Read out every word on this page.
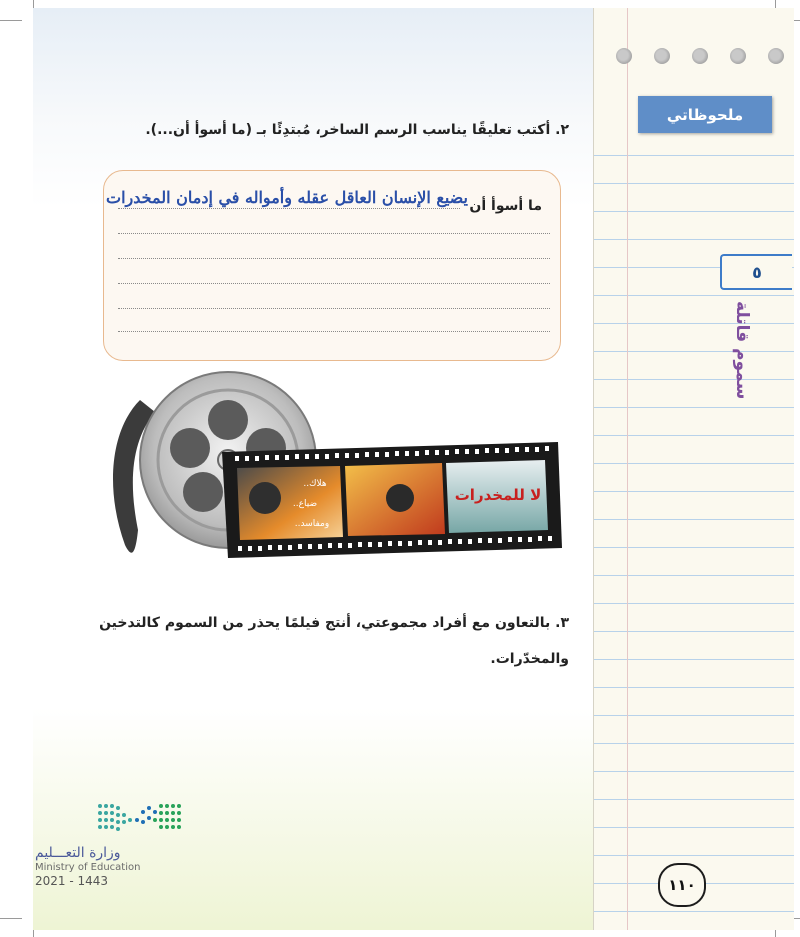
٢. أكتب تعليقًا يناسب الرسم الساخر، مُبتدِئًا بـ (ما أسوأ أن...).
ما أسوأ أن
يضيع الإنسان العاقل عقله وأمواله في إدمان المخدرات
لا للمخدرات
هلاك..
ضياع..
ومفاسد..
٣. بالتعاون مع أفراد مجموعتي، أنتج فيلمًا يحذر من السموم كالتدخين
والمخدّرات.
وزارة التعـــليم
Ministry of Education
2021 - 1443
ملحوظاتي
٥
سموم قاتلة
١١٠
